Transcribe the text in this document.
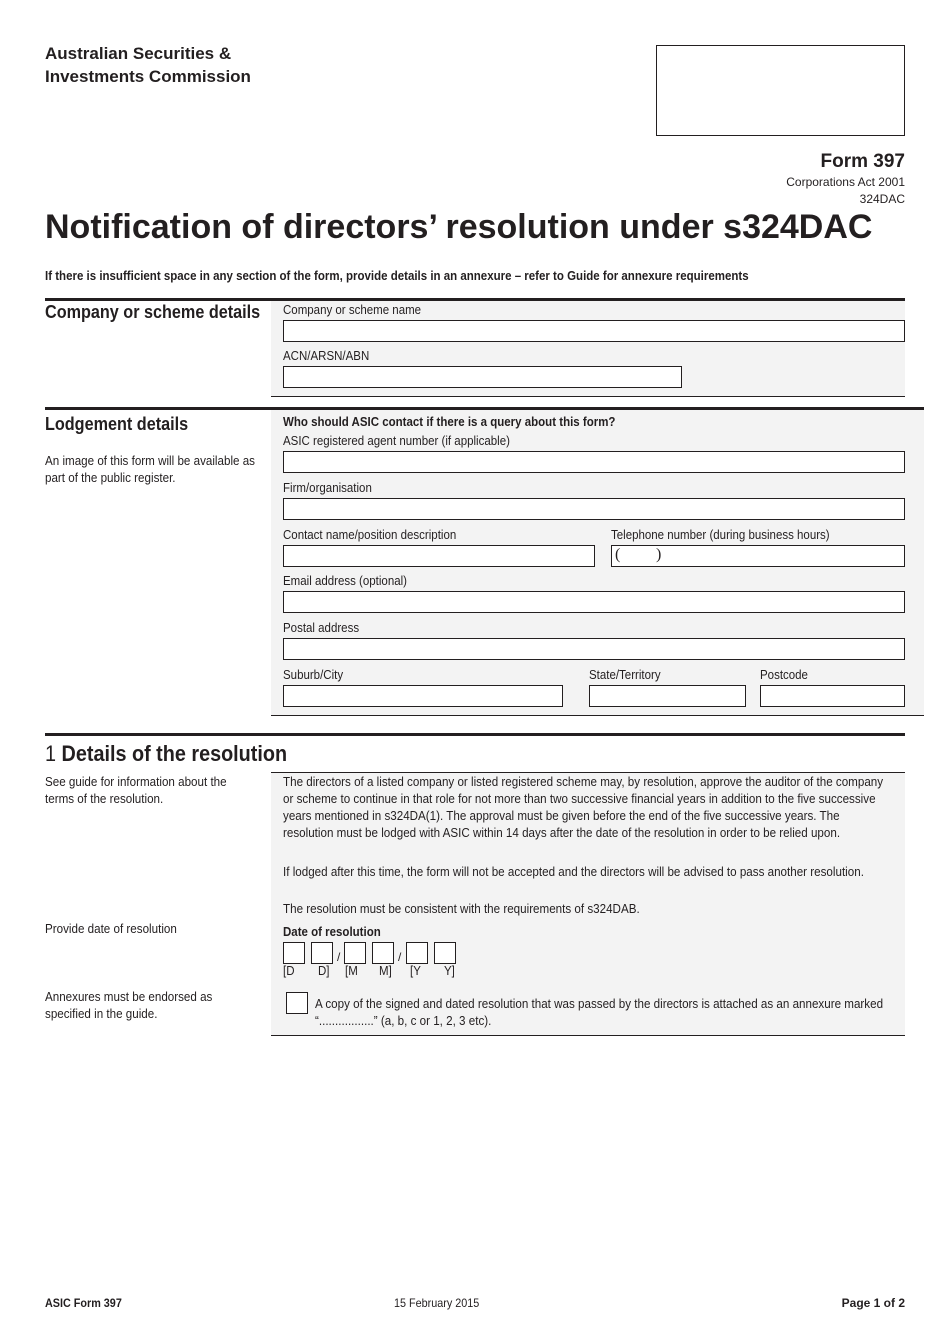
Australian Securities &
Investments Commission
Form 397
Corporations Act 2001
324DAC
Notification of directors’ resolution under s324DAC
If there is insufficient space in any section of the form, provide details in an annexure – refer to Guide for annexure requirements
Company or scheme details Company or scheme name
ACN/ARSN/ABN
Lodgement details
An image of this form will be available as part of the public register.
Who should ASIC contact if there is a query about this form?
ASIC registered agent number (if applicable)
Firm/organisation
Contact name/position description	Telephone number (during business hours)
( )
Email address (optional)
Postal address
Suburb/City	State/Territory	Postcode
1 Details of the resolution
See guide for information about the terms of the resolution.
The directors of a listed company or listed registered scheme may, by resolution, approve the auditor of the company or scheme to continue in that role for not more than two successive financial years in addition to the five successive years mentioned in s324DA(1). The approval must be given before the end of the five successive years. The resolution must be lodged with ASIC within 14 days after the date of the resolution in order to be relied upon.
If lodged after this time, the form will not be accepted and the directors will be advised to pass another resolution.
The resolution must be consistent with the requirements of s324DAB.
Provide date of resolution	Date of resolution
/	/
[D D] [M M] [Y Y]
Annexures must be endorsed as specified in the guide.
A copy of the signed and dated resolution that was passed by the directors is attached as an annexure marked “.................” (a, b, c or 1, 2, 3 etc).
ASIC Form 397	15 February 2015	Page 1 of 2
